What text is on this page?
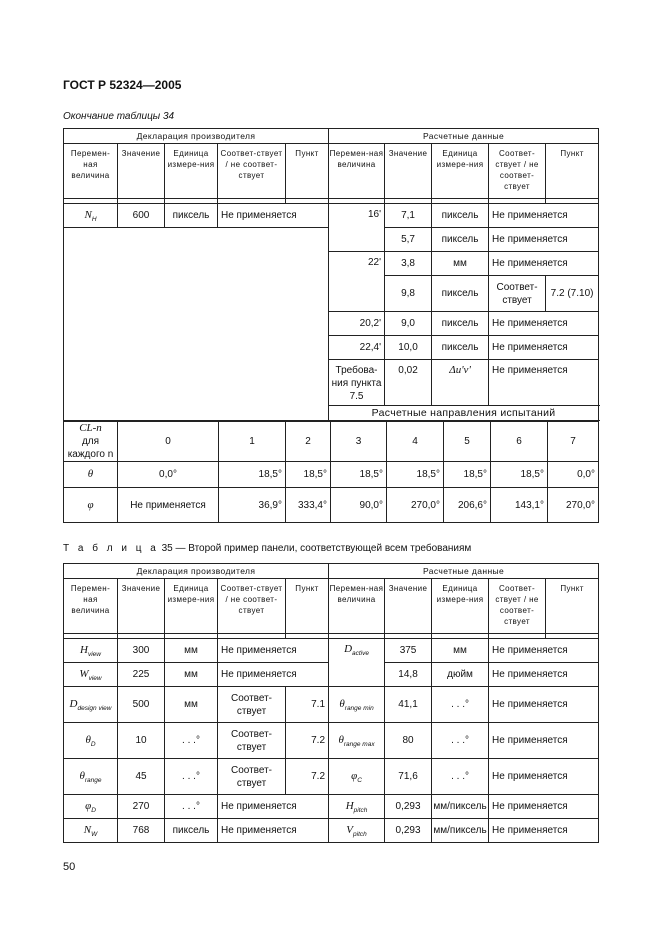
ГОСТ Р 52324—2005
Окончание таблицы 34
Декларация производителя					Расчетные данные				
Перемен-ная величина	Значение	Единица измере-ния	Соответ-ствует / не соответ-ствует	Пункт	Перемен-ная величина	Значение	Единица измере-ния	Соответ-ствует / не соответ-ствует	Пункт

$N_H$	600	пиксель	Не применяется		16'	7,1	пиксель	Не применяется	
						5,7	пиксель	Не применяется	
					22'	3,8	мм	Не применяется	
						9,8	пиксель	Соответ-ствует	7.2 (7.10)
					20,2'	9,0	пиксель	Не применяется	
					22,4'	10,0	пиксель	Не применяется	
					Требова-ния пункта 7.5	0,02	Δu'v'	Не применяется	
					Расчетные направления испытаний				
CL-n
для каждого n	0	1	2	3	4	5	6	7
θ	0,0°	18,5°	18,5°	18,5°	18,5°	18,5°	18,5°	0,0°
φ	Не применяется	36,9°	333,4°	90,0°	270,0°	206,6°	143,1°	270,0°
Т а б л и ц а 35 — Второй пример панели, соответствующей всем требованиям
Декларация производителя					Расчетные данные				
Перемен-ная величина	Значение	Единица измере-ния	Соответ-ствует / не соответ-ствует	Пункт	Перемен-ная величина	Значение	Единица измере-ния	Соответ-ствует / не соответ-ствует	Пункт

$H_{view}$	300	мм	Не применяется		$D_{active}$	375	мм	Не применяется	
$W_{view}$	225	мм	Не применяется			14,8	дюйм	Не применяется	
$D_{design view}$	500	мм	Соответ-ствует	7.1	$\theta_{range min}$	41,1	. . .°	Не применяется	
$\theta_D$	10	. . .°	Соответ-ствует	7.2	$\theta_{range max}$	80	. . .°	Не применяется	
$\theta_{range}$	45	. . .°	Соответ-ствует	7.2	$\varphi_C$	71,6	. . .°	Не применяется	
$\varphi_D$	270	. . .°	Не применяется		$H_{pitch}$	0,293	мм/пиксель	Не применяется	
$N_W$	768	пиксель	Не применяется		$V_{pitch}$	0,293	мм/пиксель	Не применяется	
50
